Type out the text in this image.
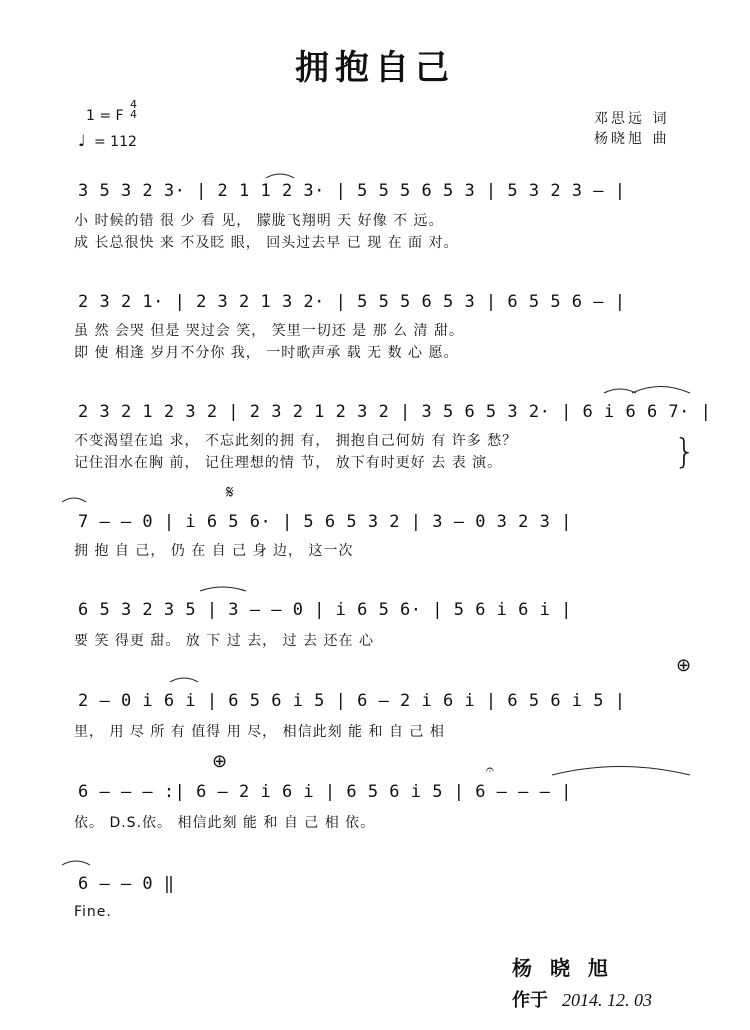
拥抱自己
1 = F
4
4
♩ = 112
邓思远 词
杨晓旭 曲
3 5 3 2 3· | 2 1 1 2 3· | 5 5 5 6 5 3 | 5 3 2 3 – |
小 时候的错 很 少 看 见， 朦胧飞翔明 天 好像 不 远。
成 长总很快 来 不及眨 眼， 回头过去早 已 现 在 面 对。
2 3 2 1· | 2 3 2 1 3 2· | 5 5 5 6 5 3 | 6 5 5 6 – |
虽 然 会哭 但是 哭过会 笑， 笑里一切还 是 那 么 清 甜。
即 使 相逢 岁月不分你 我， 一时歌声承 载 无 数 心 愿。
2 3 2 1 2 3 2 | 2 3 2 1 2 3 2 | 3 5 6 5 3 2· | 6 i 6 6 7· |
不变渴望在追 求， 不忘此刻的拥 有， 拥抱自己何妨 有 许多 愁？
记住泪水在胸 前， 记住理想的情 节， 放下有时更好 去 表 演。	}
𝄋
7 – – 0 | i 6 5 6· | 5 6 5 3 2 | 3 – 0 3 2 3 |
拥 抱 自 己， 仍 在 自 己 身 边， 这一次
6 5 3 2 3 5 | 3 – – 0 | i 6 5 6· | 5 6 i 6 i |
要 笑 得更 甜。 放 下 过 去， 过 去 还在 心
⊕
2 – 0 i 6 i | 6 5 6 i 5 | 6 – 2 i 6 i | 6 5 6 i 5 |
里， 用 尽 所 有 值得 用 尽， 相信此刻 能 和 自 己 相
⊕	𝄐
6 – – – :| 6 – 2 i 6 i | 6 5 6 i 5 | 6 – – – |
依。 D.S.依。 相信此刻 能 和 自 己 相 依。
6 – – 0 ‖
Fine.
杨晓旭
作于 2014. 12. 03
